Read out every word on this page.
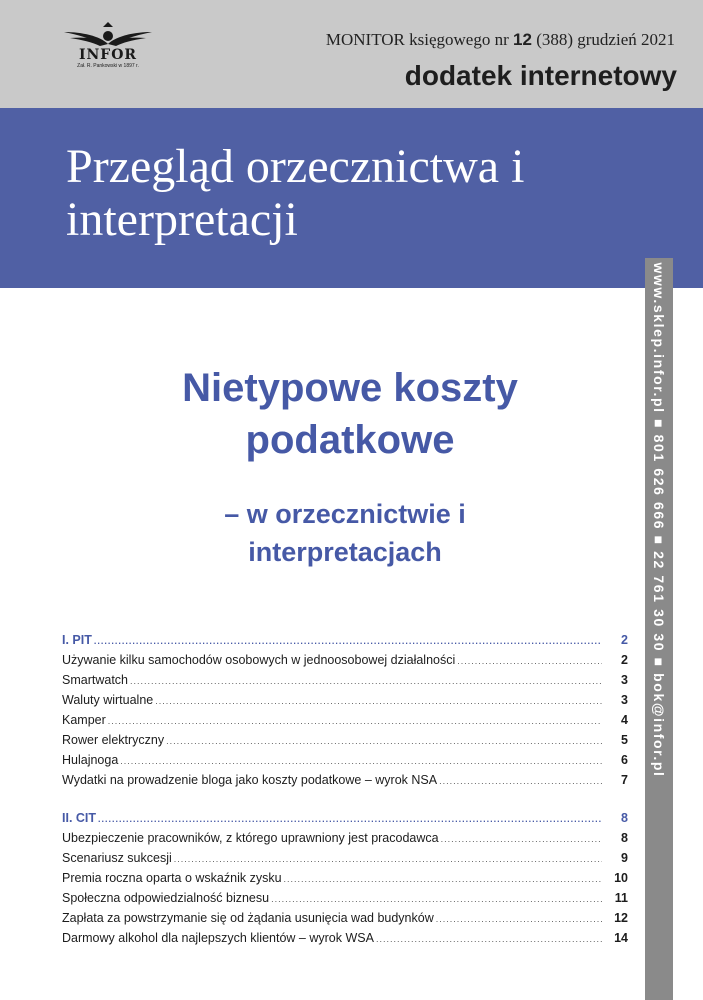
INFOR
Zał. R. Pankowski w 1897 r.
MONITOR księgowego nr 12 (388) grudzień 2021
dodatek internetowy
Przegląd orzecznictwa i interpretacji
www.sklep.infor.pl ■ 801 626 666 ■ 22 761 30 30 ■ bok@infor.pl
Nietypowe koszty podatkowe
– w orzecznictwie i interpretacjach
I. PIT .....	2
Używanie kilku samochodów osobowych w jednoosobowej działalności .....	2
Smartwatch .....	3
Waluty wirtualne .....	3
Kamper .....	4
Rower elektryczny .....	5
Hulajnoga .....	6
Wydatki na prowadzenie bloga jako koszty podatkowe – wyrok NSA .....	7
II. CIT .....	8
Ubezpieczenie pracowników, z którego uprawniony jest pracodawca .....	8
Scenariusz sukcesji .....	9
Premia roczna oparta o wskaźnik zysku .....	10
Społeczna odpowiedzialność biznesu .....	11
Zapłata za powstrzymanie się od żądania usunięcia wad budynków .....	12
Darmowy alkohol dla najlepszych klientów – wyrok WSA .....	14
